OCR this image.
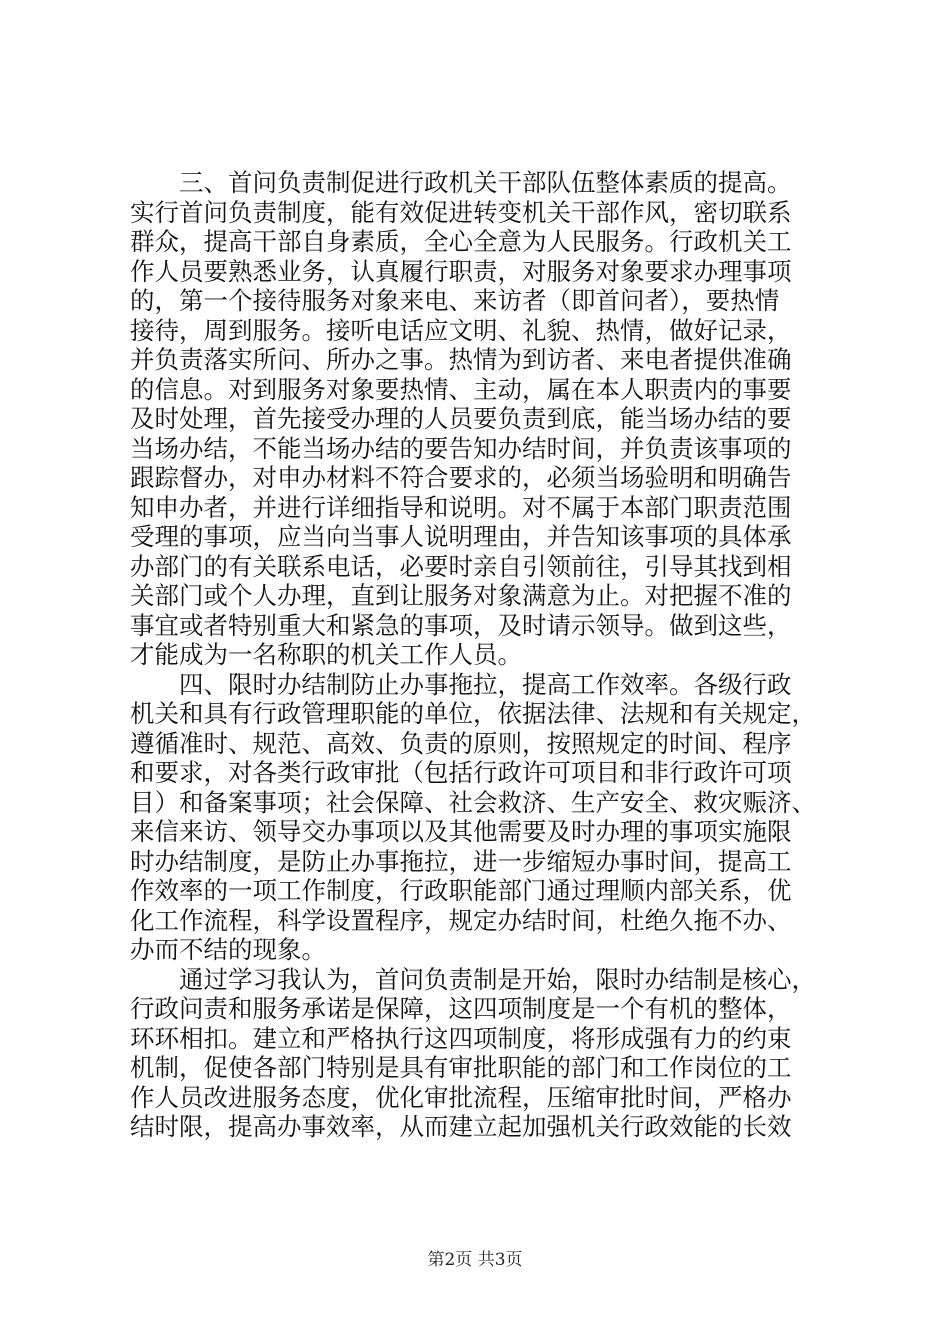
　　三、首问负责制促进行政机关干部队伍整体素质的提高。
实行首问负责制度，能有效促进转变机关干部作风，密切联系
群众，提高干部自身素质，全心全意为人民服务。行政机关工
作人员要熟悉业务，认真履行职责，对服务对象要求办理事项
的，第一个接待服务对象来电、来访者（即首问者），要热情
接待，周到服务。接听电话应文明、礼貌、热情，做好记录，
并负责落实所问、所办之事。热情为到访者、来电者提供准确
的信息。对到服务对象要热情、主动，属在本人职责内的事要
及时处理，首先接受办理的人员要负责到底，能当场办结的要
当场办结，不能当场办结的要告知办结时间，并负责该事项的
跟踪督办，对申办材料不符合要求的，必须当场验明和明确告
知申办者，并进行详细指导和说明。对不属于本部门职责范围
受理的事项，应当向当事人说明理由，并告知该事项的具体承
办部门的有关联系电话，必要时亲自引领前往，引导其找到相
关部门或个人办理，直到让服务对象满意为止。对把握不准的
事宜或者特别重大和紧急的事项，及时请示领导。做到这些，
才能成为一名称职的机关工作人员。
　　四、限时办结制防止办事拖拉，提高工作效率。各级行政
机关和具有行政管理职能的单位，依据法律、法规和有关规定，
遵循准时、规范、高效、负责的原则，按照规定的时间、程序
和要求，对各类行政审批（包括行政许可项目和非行政许可项
目）和备案事项；社会保障、社会救济、生产安全、救灾赈济、
来信来访、领导交办事项以及其他需要及时办理的事项实施限
时办结制度，是防止办事拖拉，进一步缩短办事时间，提高工
作效率的一项工作制度，行政职能部门通过理顺内部关系，优
化工作流程，科学设置程序，规定办结时间，杜绝久拖不办、
办而不结的现象。
　　通过学习我认为，首问负责制是开始，限时办结制是核心，
行政问责和服务承诺是保障，这四项制度是一个有机的整体，
环环相扣。建立和严格执行这四项制度，将形成强有力的约束
机制，促使各部门特别是具有审批职能的部门和工作岗位的工
作人员改进服务态度，优化审批流程，压缩审批时间，严格办
结时限，提高办事效率，从而建立起加强机关行政效能的长效
第2页 共3页
